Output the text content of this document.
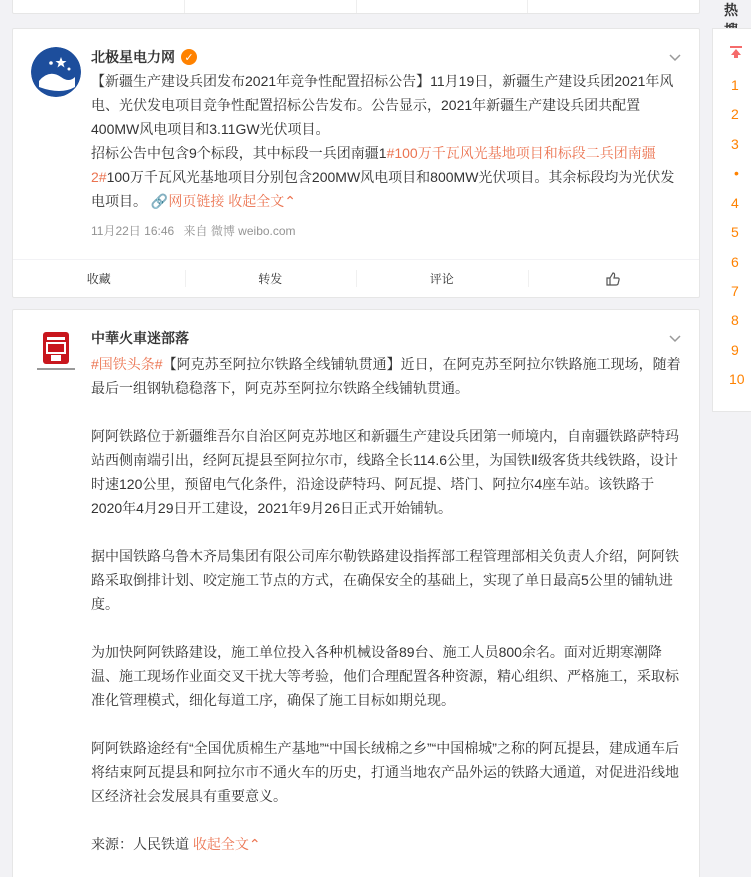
北极星电力网 ✓
【新疆生产建设兵团发布2021年竞争性配置招标公告】11月19日，新疆生产建设兵团2021年风电、光伏发电项目竞争性配置招标公告发布。公告显示，2021年新疆生产建设兵团共配置400MW风电项目和3.11GW光伏项目。
招标公告中包含9个标段，其中标段一兵团南疆1#100万千瓦风光基地项目和标段二兵团南疆2#100万千瓦风光基地项目分别包含200MW风电项目和800MW光伏项目。其余标段均为光伏发电项目。 🔗网页链接 收起全文⌃
11月22日 16:46 来自 微博 weibo.com
收藏	转发	评论
中華火車迷部落

#国铁头条#【阿克苏至阿拉尔铁路全线铺轨贯通】近日，在阿克苏至阿拉尔铁路施工现场，随着最后一组钢轨稳稳落下，阿克苏至阿拉尔铁路全线铺轨贯通。

阿阿铁路位于新疆维吾尔自治区阿克苏地区和新疆生产建设兵团第一师境内，自南疆铁路萨特玛站西侧南端引出，经阿瓦提县至阿拉尔市，线路全长114.6公里，为国铁Ⅱ级客货共线铁路，设计时速120公里，预留电气化条件，沿途设萨特玛、阿瓦提、塔门、阿拉尔4座车站。该铁路于2020年4月29日开工建设，2021年9月26日正式开始铺轨。

据中国铁路乌鲁木齐局集团有限公司库尔勒铁路建设指挥部工程管理部相关负责人介绍，阿阿铁路采取倒排计划、咬定施工节点的方式，在确保安全的基础上，实现了单日最高5公里的铺轨进度。

为加快阿阿铁路建设，施工单位投入各种机械设备89台、施工人员800余名。面对近期寒潮降温、施工现场作业面交叉干扰大等考验，他们合理配置各种资源，精心组织、严格施工，采取标准化管理模式，细化每道工序，确保了施工目标如期兑现。

阿阿铁路途经有“全国优质棉生产基地”“中国长绒棉之乡”“中国棉城”之称的阿瓦提县，建成通车后将结束阿瓦提县和阿拉尔市不通火车的历史，打通当地农产品外运的铁路大通道，对促进沿线地区经济社会发展具有重要意义。

来源：人民铁道 收起全文⌃

热
1
2
3
•
4
5
6
7
8
9
10
